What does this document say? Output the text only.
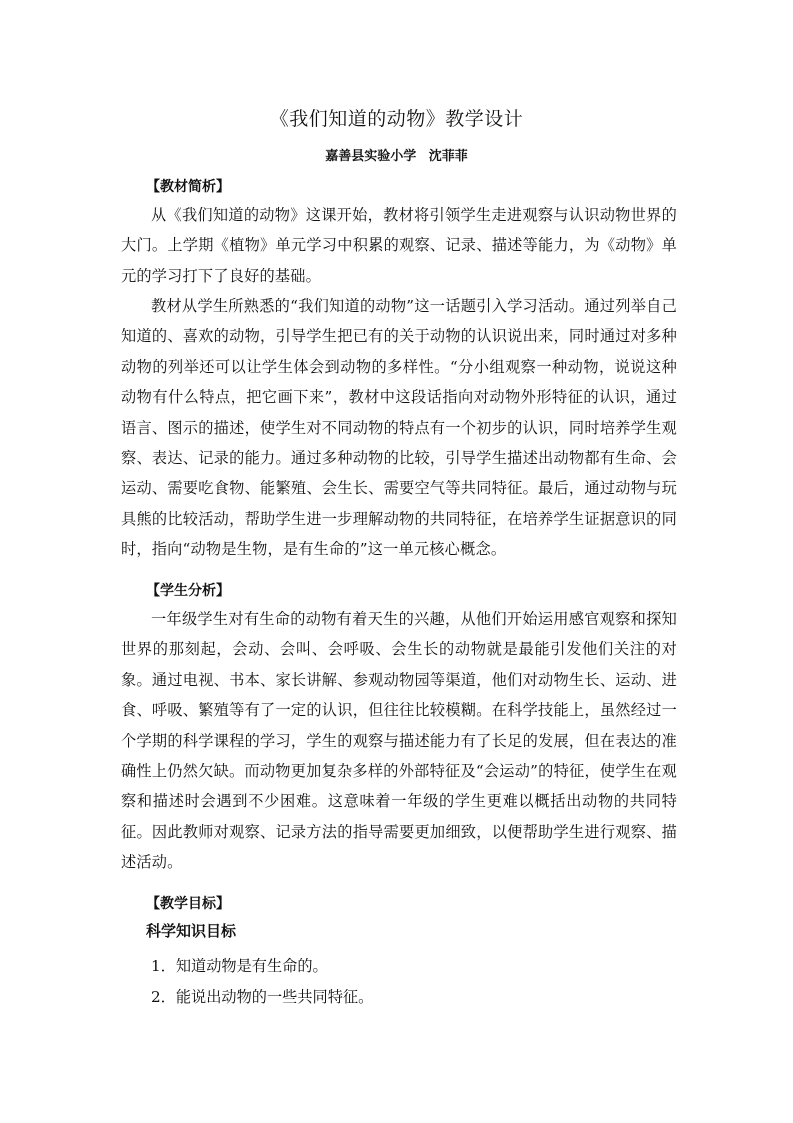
《我们知道的动物》教学设计
嘉善县实验小学 沈菲菲
【教材简析】
从《我们知道的动物》这课开始，教材将引领学生走进观察与认识动物世界的大门。上学期《植物》单元学习中积累的观察、记录、描述等能力，为《动物》单元的学习打下了良好的基础。
教材从学生所熟悉的“我们知道的动物”这一话题引入学习活动。通过列举自己知道的、喜欢的动物，引导学生把已有的关于动物的认识说出来，同时通过对多种动物的列举还可以让学生体会到动物的多样性。“分小组观察一种动物，说说这种动物有什么特点，把它画下来”，教材中这段话指向对动物外形特征的认识，通过语言、图示的描述，使学生对不同动物的特点有一个初步的认识，同时培养学生观察、表达、记录的能力。通过多种动物的比较，引导学生描述出动物都有生命、会运动、需要吃食物、能繁殖、会生长、需要空气等共同特征。最后，通过动物与玩具熊的比较活动，帮助学生进一步理解动物的共同特征，在培养学生证据意识的同时，指向“动物是生物，是有生命的”这一单元核心概念。
【学生分析】
一年级学生对有生命的动物有着天生的兴趣，从他们开始运用感官观察和探知世界的那刻起，会动、会叫、会呼吸、会生长的动物就是最能引发他们关注的对象。通过电视、书本、家长讲解、参观动物园等渠道，他们对动物生长、运动、进食、呼吸、繁殖等有了一定的认识，但往往比较模糊。在科学技能上，虽然经过一个学期的科学课程的学习，学生的观察与描述能力有了长足的发展，但在表达的准确性上仍然欠缺。而动物更加复杂多样的外部特征及“会运动”的特征，使学生在观察和描述时会遇到不少困难。这意味着一年级的学生更难以概括出动物的共同特征。因此教师对观察、记录方法的指导需要更加细致，以便帮助学生进行观察、描述活动。
【教学目标】
科学知识目标
1．知道动物是有生命的。
2．能说出动物的一些共同特征。
